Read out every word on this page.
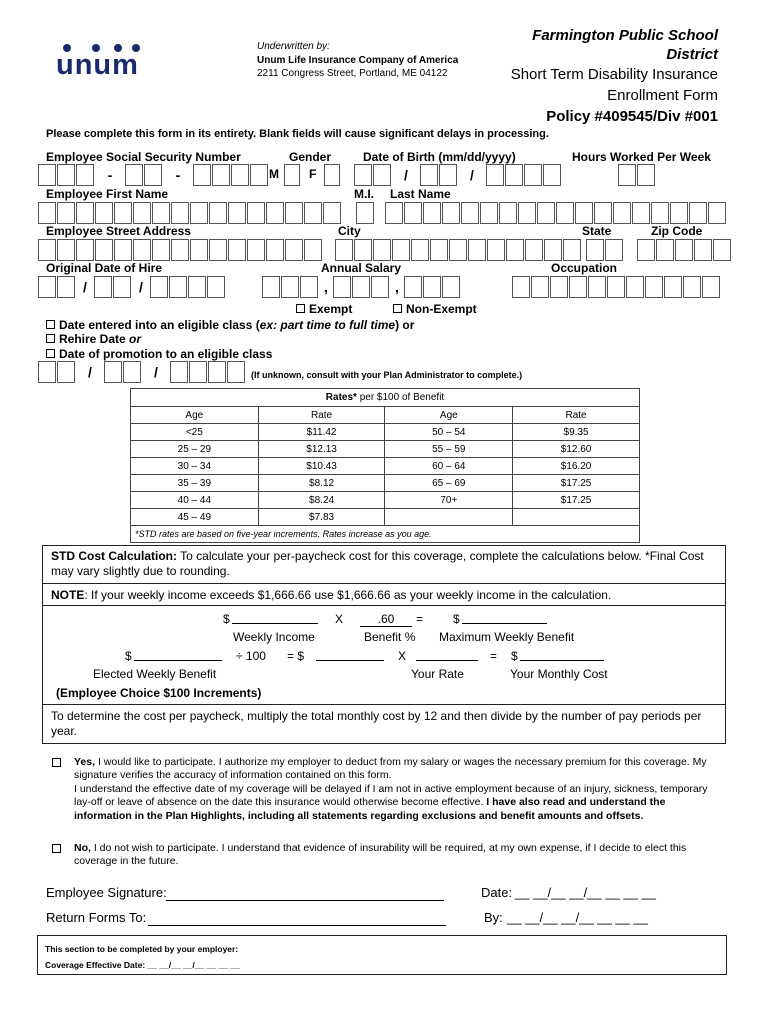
unum
Underwritten by:
Unum Life Insurance Company of America
2211 Congress Street, Portland, ME 04122
Farmington Public School
District
Short Term Disability Insurance
Enrollment Form
Policy #409545/Div #001
Please complete this form in its entirety. Blank fields will cause significant delays in processing.
Employee Social Security Number	Gender	Date of Birth (mm/dd/yyyy)	Hours Worked Per Week
-	-	M	F	/	/
Employee First Name	M.I. Last Name
Employee Street Address	City	State	Zip Code
Original Date of Hire	Annual Salary	Occupation
/	/	,	,
Exempt	Non-Exempt
Date entered into an eligible class (ex: part time to full time) or
Rehire Date or
Date of promotion to an eligible class
/	/	(If unknown, consult with your Plan Administrator to complete.)
Rates* per $100 of Benefit			
Age	Rate	Age	Rate
<25	$11.42	50 – 54	$9.35
25 – 29	$12.13	55 – 59	$12.60
30 – 34	$10.43	60 – 64	$16.20
35 – 39	$8.12	65 – 69	$17.25
40 – 44	$8.24	70+	$17.25
45 – 49	$7.83		
*STD rates are based on five-year increments. Rates increase as you age.			
STD Cost Calculation: To calculate your per-paycheck cost for this coverage, complete the calculations below. *Final Cost may vary slightly due to rounding.
NOTE: If your weekly income exceeds $1,666.66 use $1,666.66 as your weekly income in the calculation.
$	X	.60	= $
Weekly Income	Benefit % Maximum Weekly Benefit
$	÷ 100 = $	X	= $
Elected Weekly Benefit	Your Rate	Your Monthly Cost
(Employee Choice $100 Increments)
To determine the cost per paycheck, multiply the total monthly cost by 12 and then divide by the number of pay periods per year.
Yes, I would like to participate. I authorize my employer to deduct from my salary or wages the necessary premium for this coverage. My signature verifies the accuracy of information contained on this form.
I understand the effective date of my coverage will be delayed if I am not in active employment because of an injury, sickness, temporary lay-off or leave of absence on the date this insurance would otherwise become effective. I have also read and understand the information in the Plan Highlights, including all statements regarding exclusions and benefit amounts and offsets.
No, I do not wish to participate. I understand that evidence of insurability will be required, at my own expense, if I decide to elect this coverage in the future.
Employee Signature:	Date: __ __/__ __/__ __ __ __
Return Forms To:	By: __ __/__ __/__ __ __ __
This section to be completed by your employer:
Coverage Effective Date: __ __/__ __/__ __ __ __
